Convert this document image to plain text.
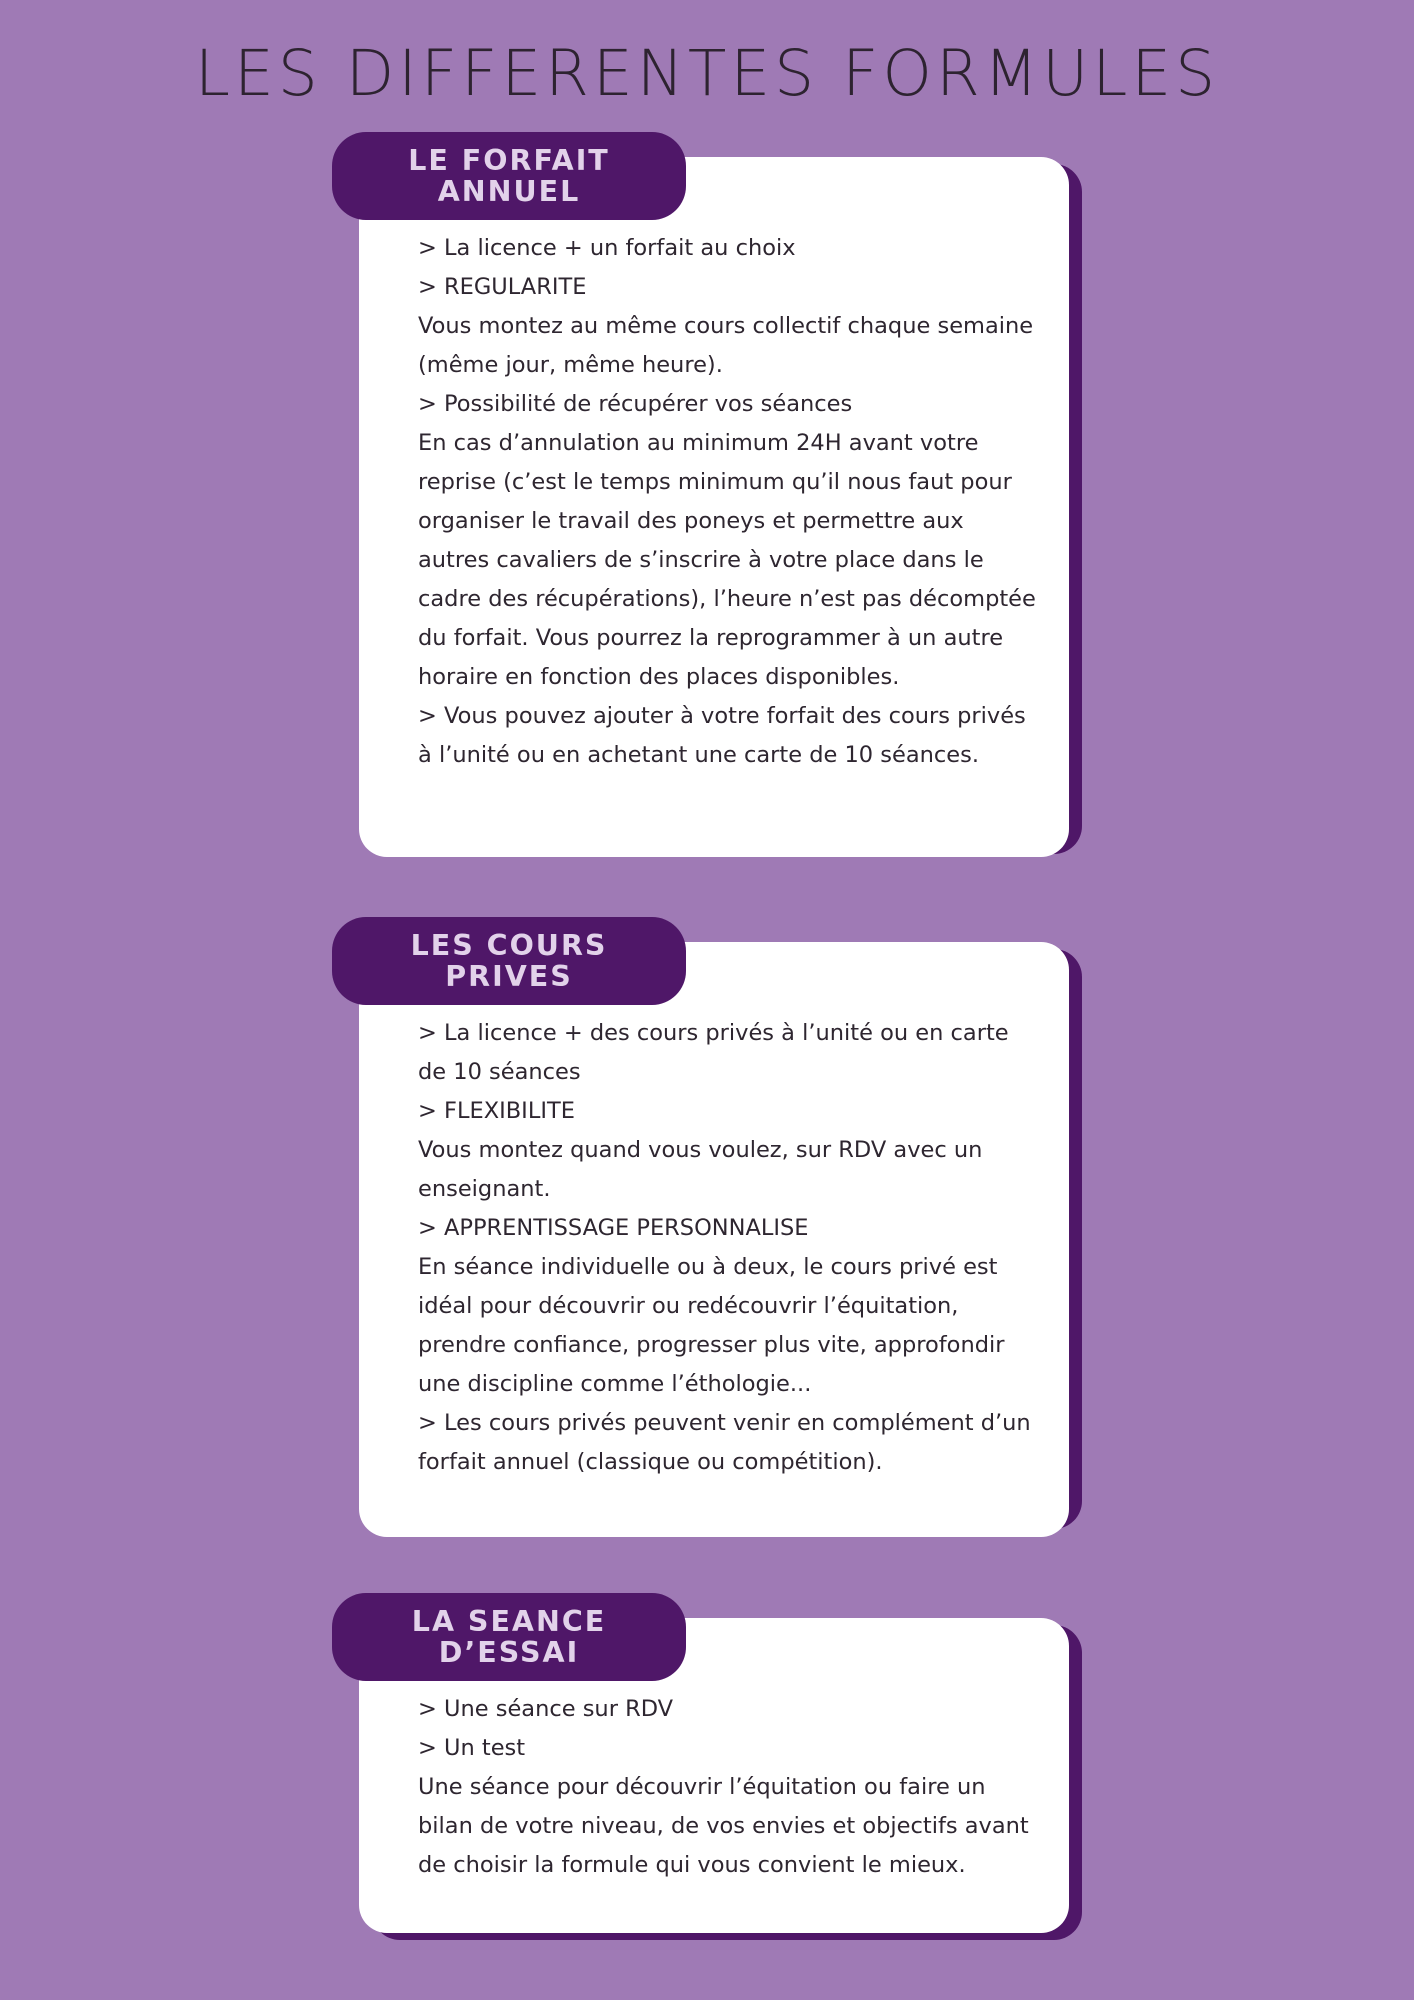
LES DIFFERENTES FORMULES

> La licence + un forfait au choix

> REGULARITE

Vous montez au même cours collectif chaque semaine (même jour, même heure).

> Possibilité de récupérer vos séances

En cas d’annulation au minimum 24H avant votre reprise (c’est le temps minimum qu’il nous faut pour organiser le travail des poneys et permettre aux autres cavaliers de s’inscrire à votre place dans le cadre des récupérations), l’heure n’est pas décomptée du forfait. Vous pourrez la reprogrammer à un autre horaire en fonction des places disponibles.

> Vous pouvez ajouter à votre forfait des cours privés à l’unité ou en achetant une carte de 10 séances.

LE FORFAIT ANNUEL

> La licence + des cours privés à l’unité ou en carte de 10 séances

> FLEXIBILITE

Vous montez quand vous voulez, sur RDV avec un enseignant.

> APPRENTISSAGE PERSONNALISE

En séance individuelle ou à deux, le cours privé est idéal pour découvrir ou redécouvrir l’équitation, prendre confiance, progresser plus vite, approfondir une discipline comme l’éthologie...

> Les cours privés peuvent venir en complément d’un forfait annuel (classique ou compétition).

LES COURS PRIVES

> Une séance sur RDV

> Un test

Une séance pour découvrir l’équitation ou faire un bilan de votre niveau, de vos envies et objectifs avant de choisir la formule qui vous convient le mieux.

LA SEANCE D’ESSAI
